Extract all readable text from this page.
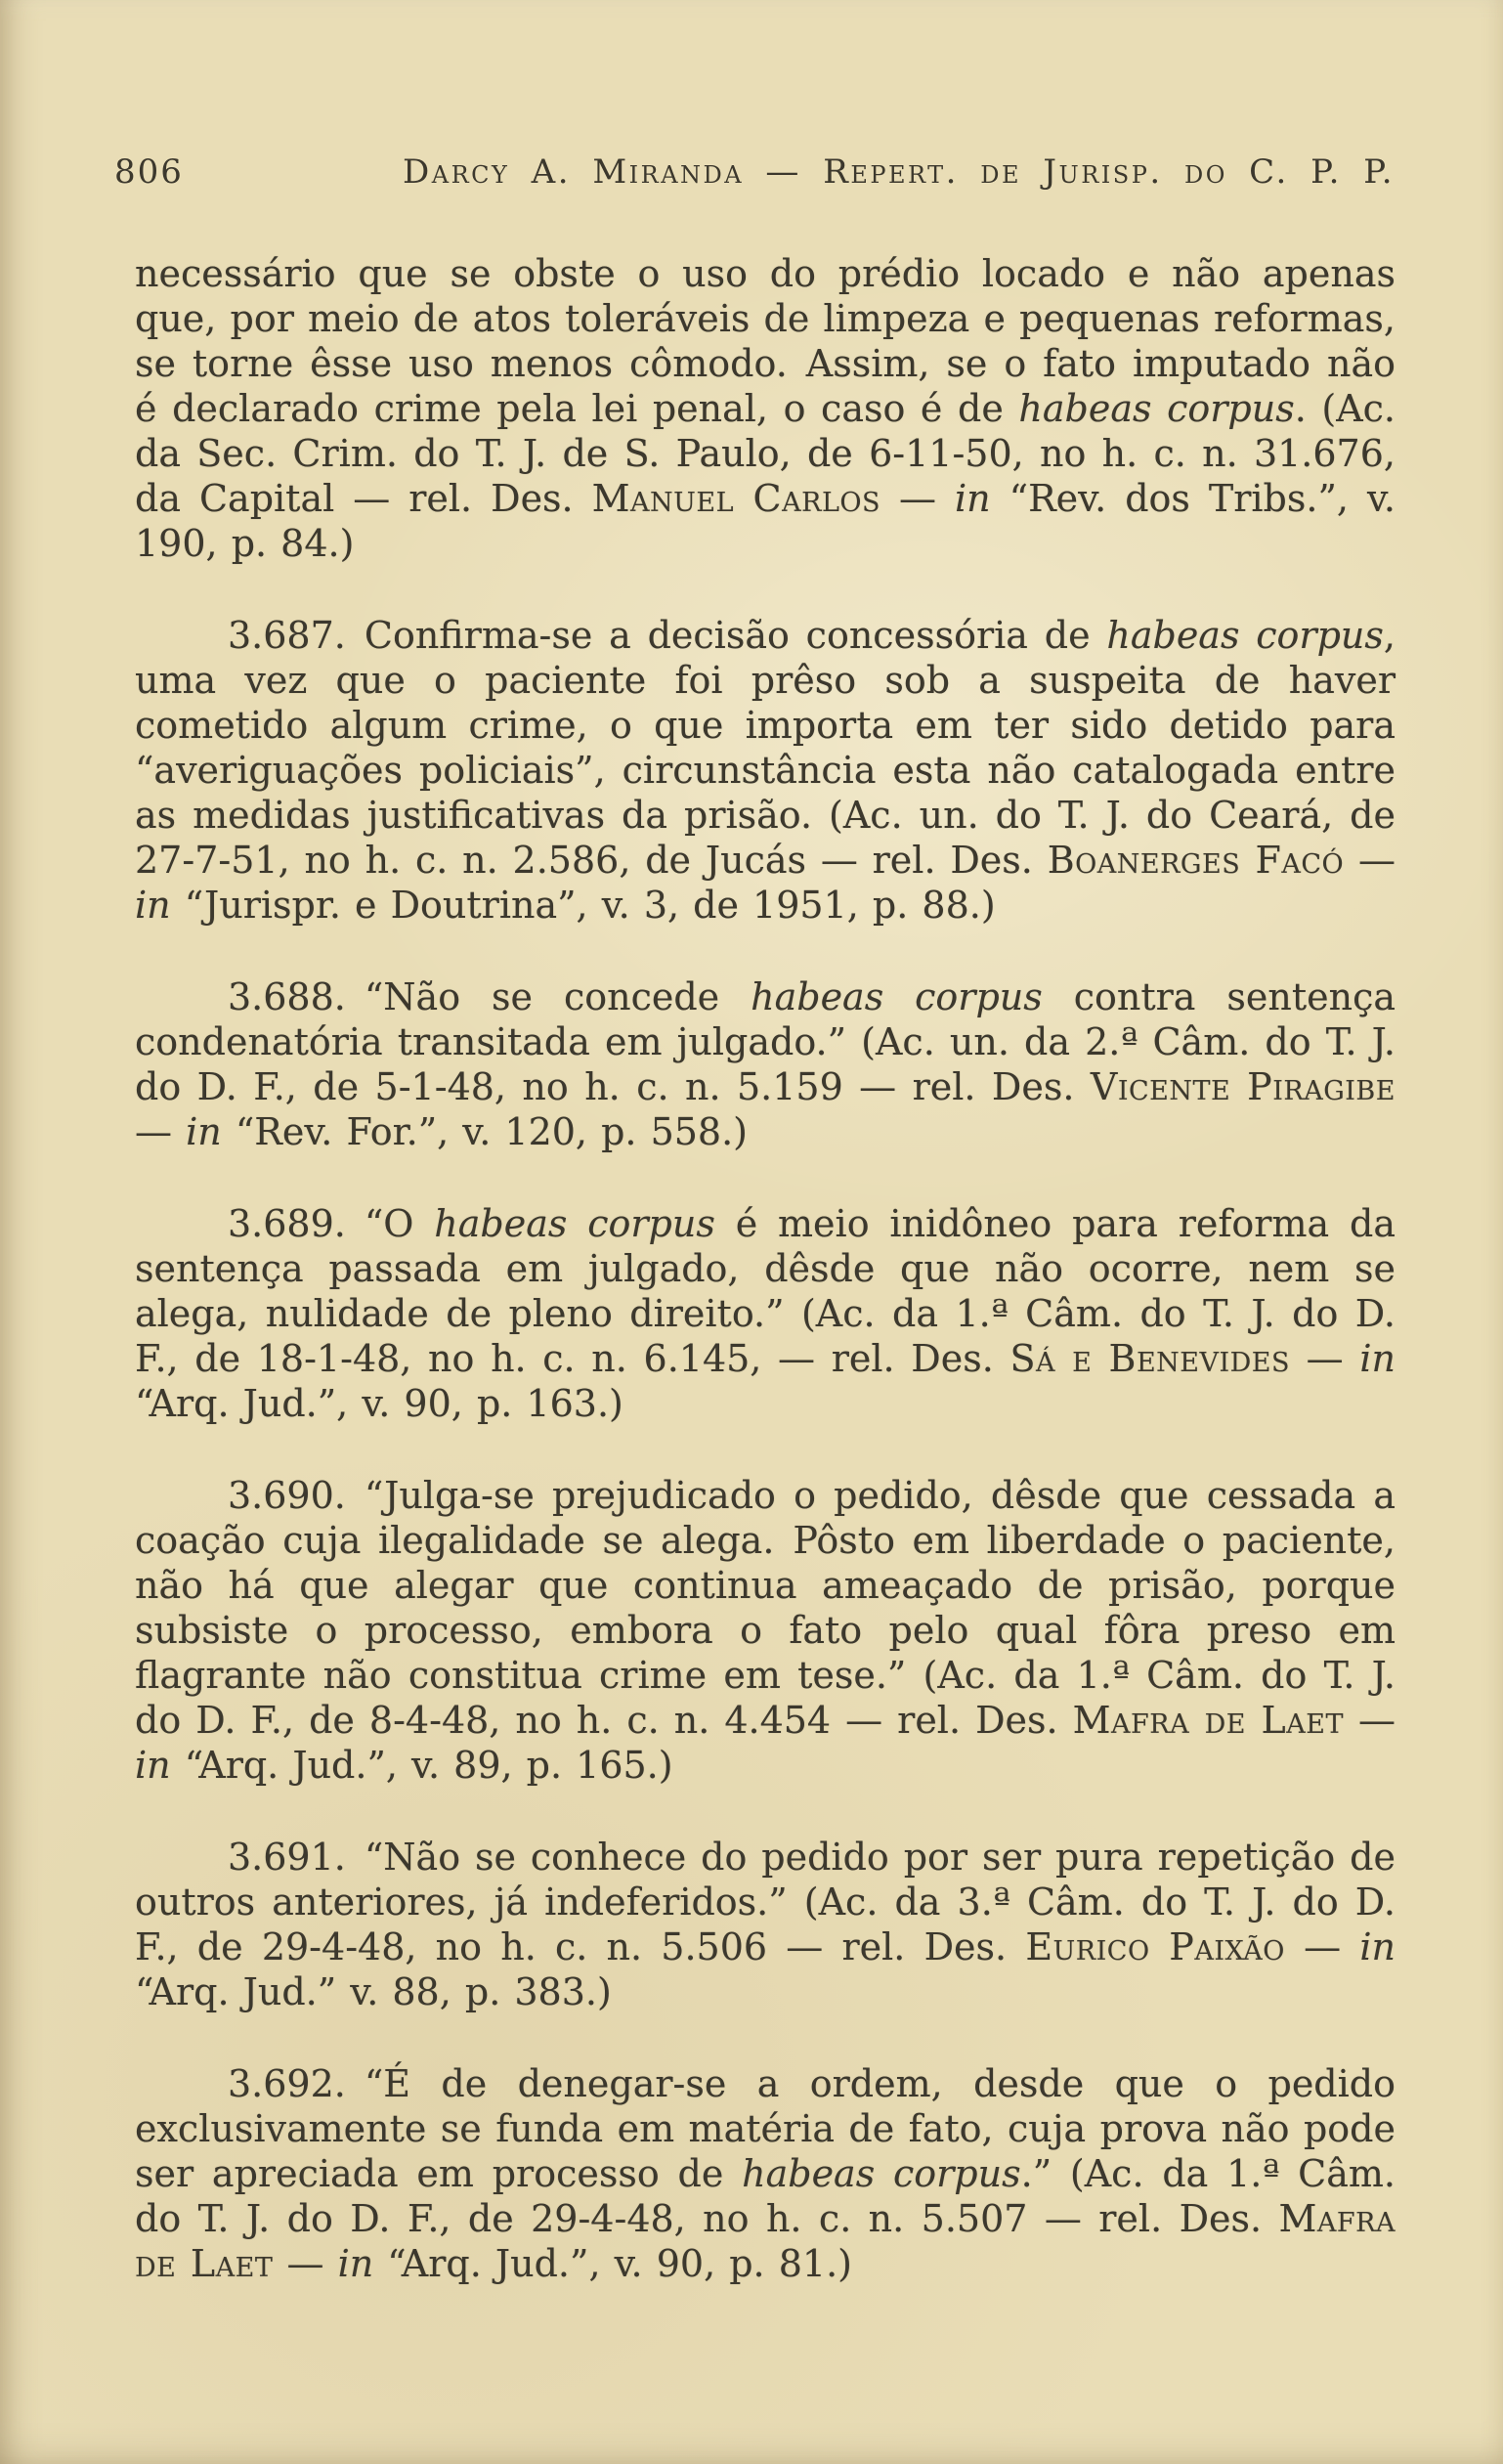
806	Darcy A. Miranda — Repert. de Jurisp. do C. P. P.

necessário que se obste o uso do prédio locado e não apenas que, por meio de atos toleráveis de limpeza e pequenas reformas, se torne êsse uso menos cômodo. Assim, se o fato imputado não é declarado crime pela lei penal, o caso é de habeas corpus. (Ac. da Sec. Crim. do T. J. de S. Paulo, de 6-11-50, no h. c. n. 31.676, da Capital — rel. Des. Manuel Carlos — in “Rev. dos Tribs.”, v. 190, p. 84.)

3.687. Confirma-se a decisão concessória de habeas corpus, uma vez que o paciente foi prêso sob a suspeita de haver cometido algum crime, o que importa em ter sido detido para “averiguações policiais”, circunstância esta não catalogada entre as medidas justificativas da prisão. (Ac. un. do T. J. do Ceará, de 27-7-51, no h. c. n. 2.586, de Jucás — rel. Des. Boanerges Facó — in “Jurispr. e Doutrina”, v. 3, de 1951, p. 88.)

3.688. “Não se concede habeas corpus contra sentença condenatória transitada em julgado.” (Ac. un. da 2.ª Câm. do T. J. do D. F., de 5-1-48, no h. c. n. 5.159 — rel. Des. Vicente Piragibe — in “Rev. For.”, v. 120, p. 558.)

3.689. “O habeas corpus é meio inidôneo para reforma da sentença passada em julgado, dêsde que não ocorre, nem se alega, nulidade de pleno direito.” (Ac. da 1.ª Câm. do T. J. do D. F., de 18-1-48, no h. c. n. 6.145, — rel. Des. Sá e Benevides — in “Arq. Jud.”, v. 90, p. 163.)

3.690. “Julga-se prejudicado o pedido, dêsde que cessada a coação cuja ilegalidade se alega. Pôsto em liberdade o paciente, não há que alegar que continua ameaçado de prisão, porque subsiste o processo, embora o fato pelo qual fôra preso em flagrante não constitua crime em tese.” (Ac. da 1.ª Câm. do T. J. do D. F., de 8-4-48, no h. c. n. 4.454 — rel. Des. Mafra de Laet — in “Arq. Jud.”, v. 89, p. 165.)

3.691. “Não se conhece do pedido por ser pura repetição de outros anteriores, já indeferidos.” (Ac. da 3.ª Câm. do T. J. do D. F., de 29-4-48, no h. c. n. 5.506 — rel. Des. Eurico Paixão — in “Arq. Jud.” v. 88, p. 383.)

3.692. “É de denegar-se a ordem, desde que o pedido exclusivamente se funda em matéria de fato, cuja prova não pode ser apreciada em processo de habeas corpus.” (Ac. da 1.ª Câm. do T. J. do D. F., de 29-4-48, no h. c. n. 5.507 — rel. Des. Mafra de Laet — in “Arq. Jud.”, v. 90, p. 81.)
